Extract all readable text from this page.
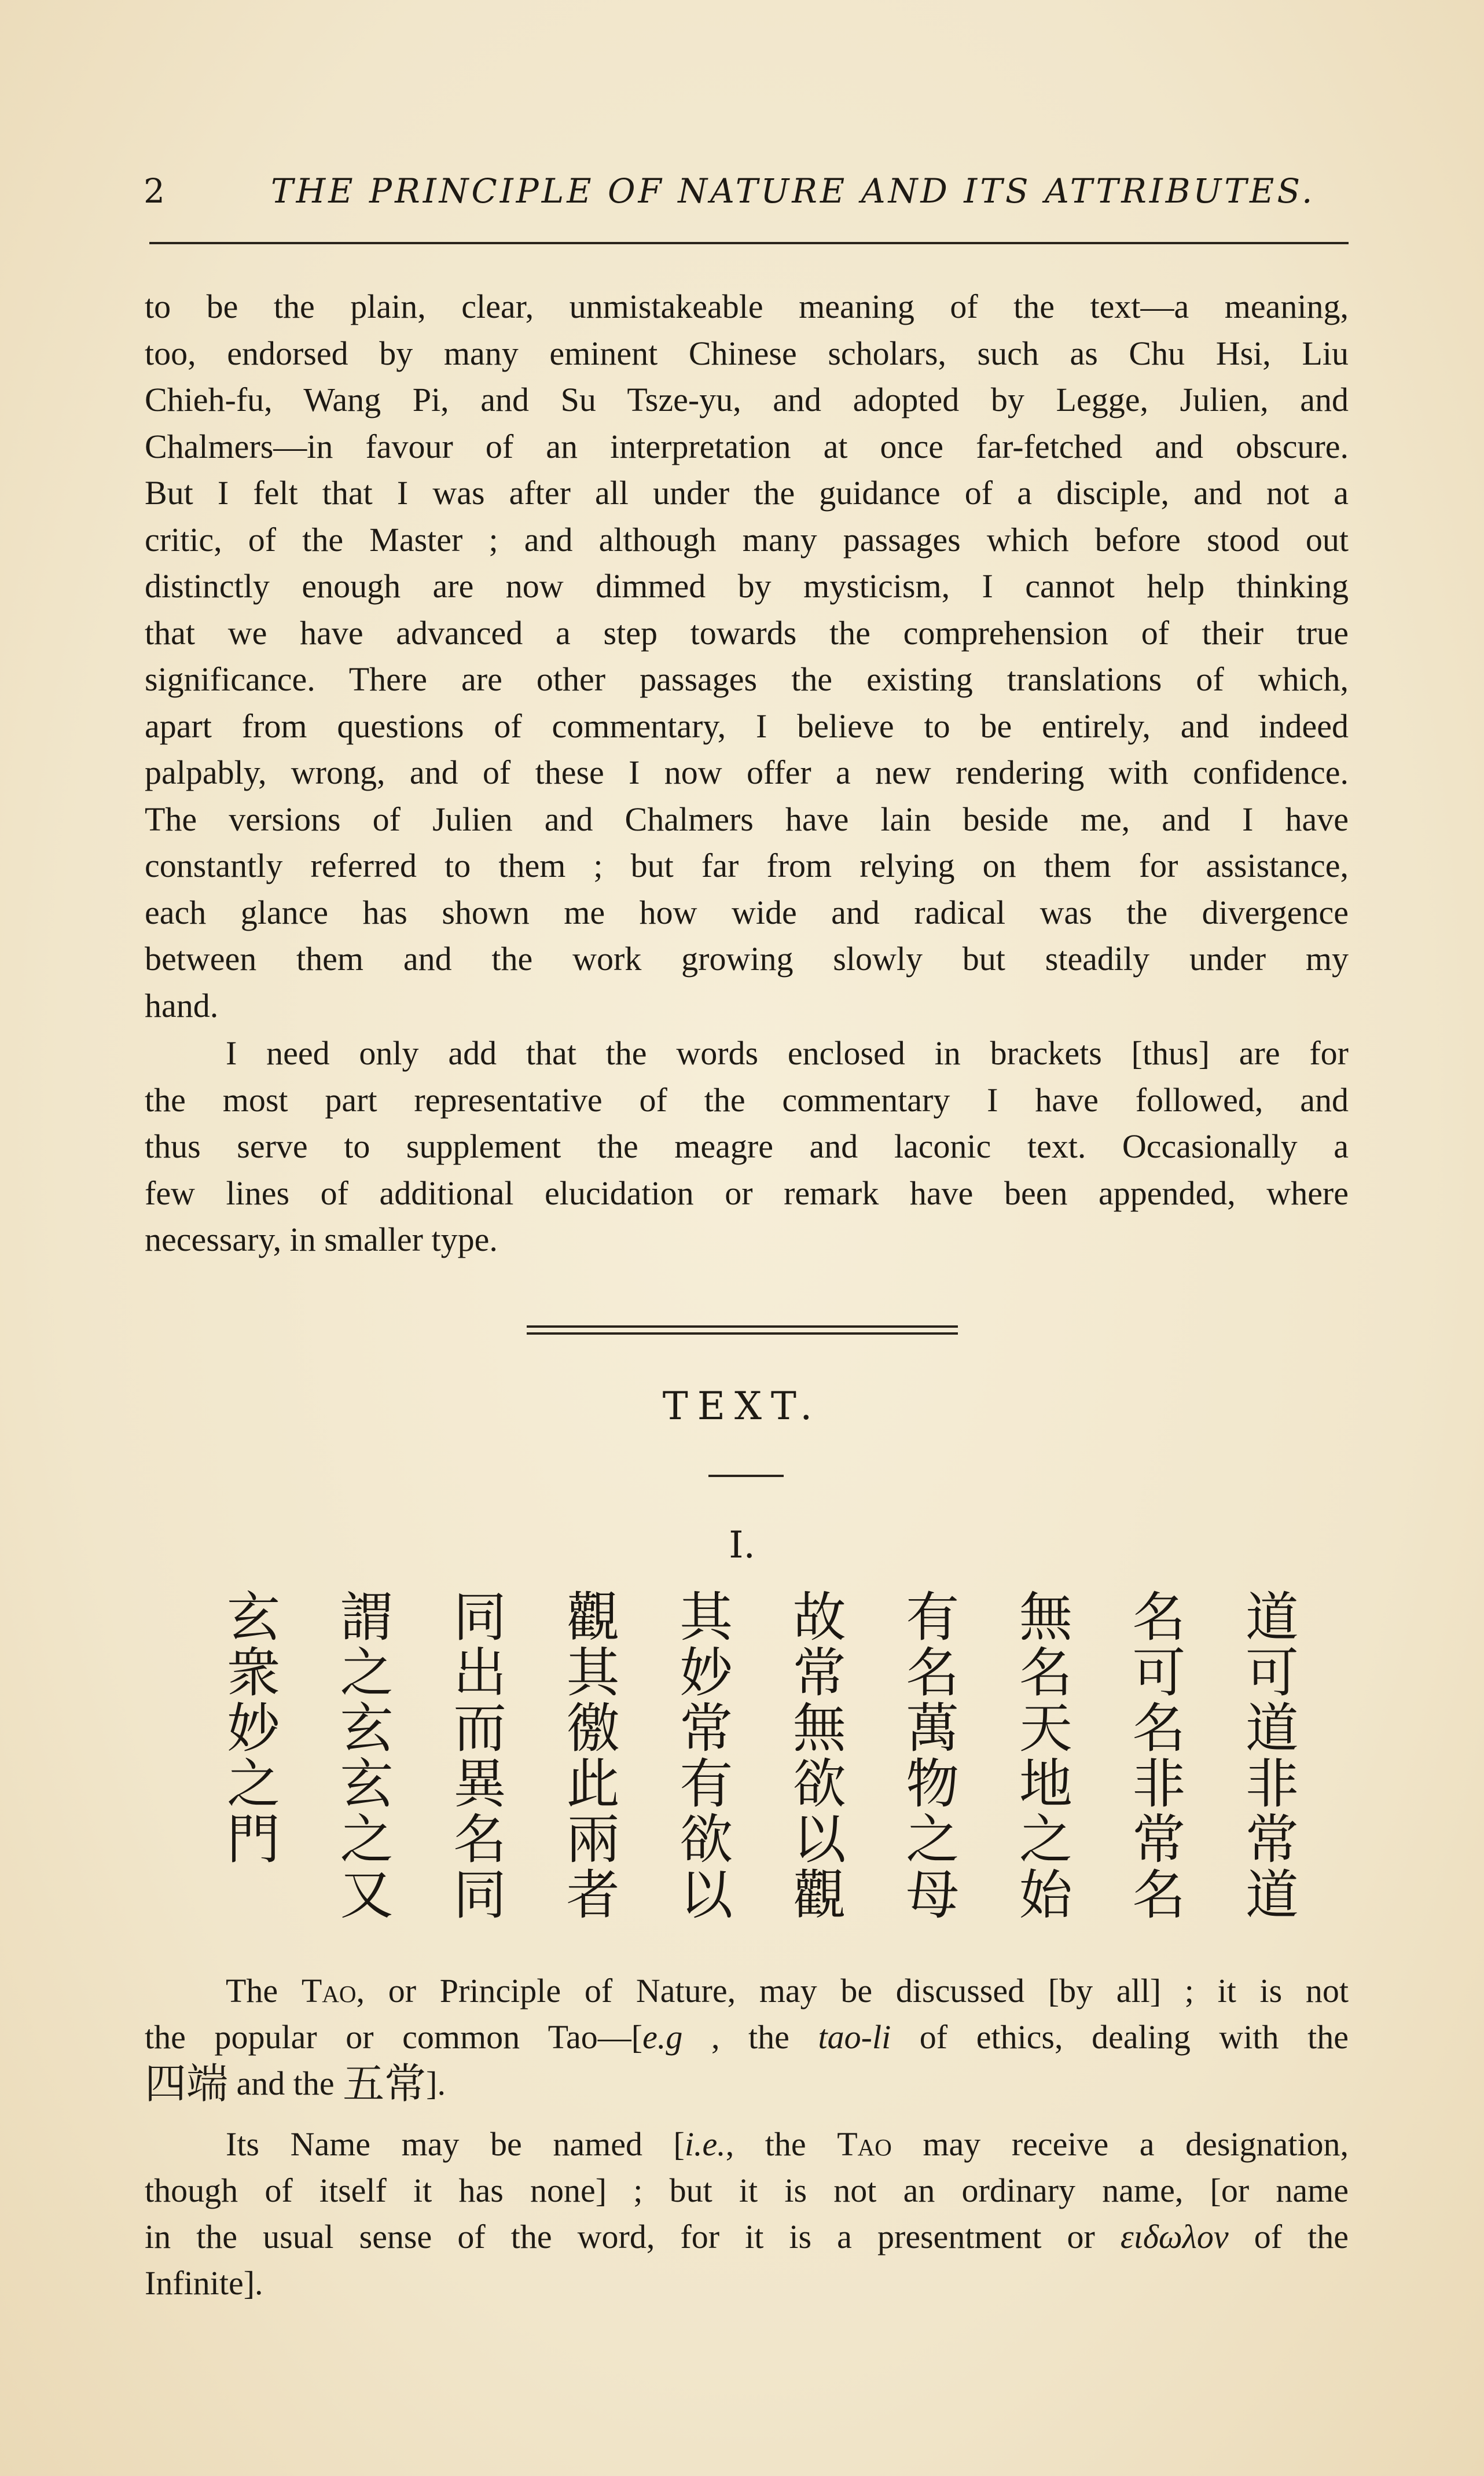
2	THE PRINCIPLE OF NATURE AND ITS ATTRIBUTES.
to be the plain, clear, unmistakeable meaning of the text—a meaning,
too, endorsed by many eminent Chinese scholars, such as Chu Hsi, Liu
Chieh-fu, Wang Pi, and Su Tsze-yu, and adopted by Legge, Julien, and
Chalmers—in favour of an interpretation at once far-fetched and obscure.
But I felt that I was after all under the guidance of a disciple, and not a
critic, of the Master ; and although many passages which before stood out
distinctly enough are now dimmed by mysticism, I cannot help thinking
that we have advanced a step towards the comprehension of their true
significance. There are other passages the existing translations of which,
apart from questions of commentary, I believe to be entirely, and indeed
palpably, wrong, and of these I now offer a new rendering with confidence.
The versions of Julien and Chalmers have lain beside me, and I have
constantly referred to them ; but far from relying on them for assistance,
each glance has shown me how wide and radical was the divergence
between them and the work growing slowly but steadily under my
hand.
I need only add that the words enclosed in brackets [thus] are for
the most part representative of the commentary I have followed, and
thus serve to supplement the meagre and laconic text. Occasionally a
few lines of additional elucidation or remark have been appended, where
necessary, in smaller type.
TEXT.
I.
道可道非常道
名可名非常名
無名天地之始
有名萬物之母
故常無欲以觀
其妙常有欲以
觀其徼此兩者
同出而異名同
謂之玄玄之又
玄衆妙之門
The Tao, or Principle of Nature, may be discussed [by all] ; it is not
the popular or common Tao—[e.g , the tao-li of ethics, dealing with the
四端 and the 五常].
Its Name may be named [i.e., the Tao may receive a designation,
though of itself it has none] ; but it is not an ordinary name, [or name
in the usual sense of the word, for it is a presentment or ειδωλον of the
Infinite].
